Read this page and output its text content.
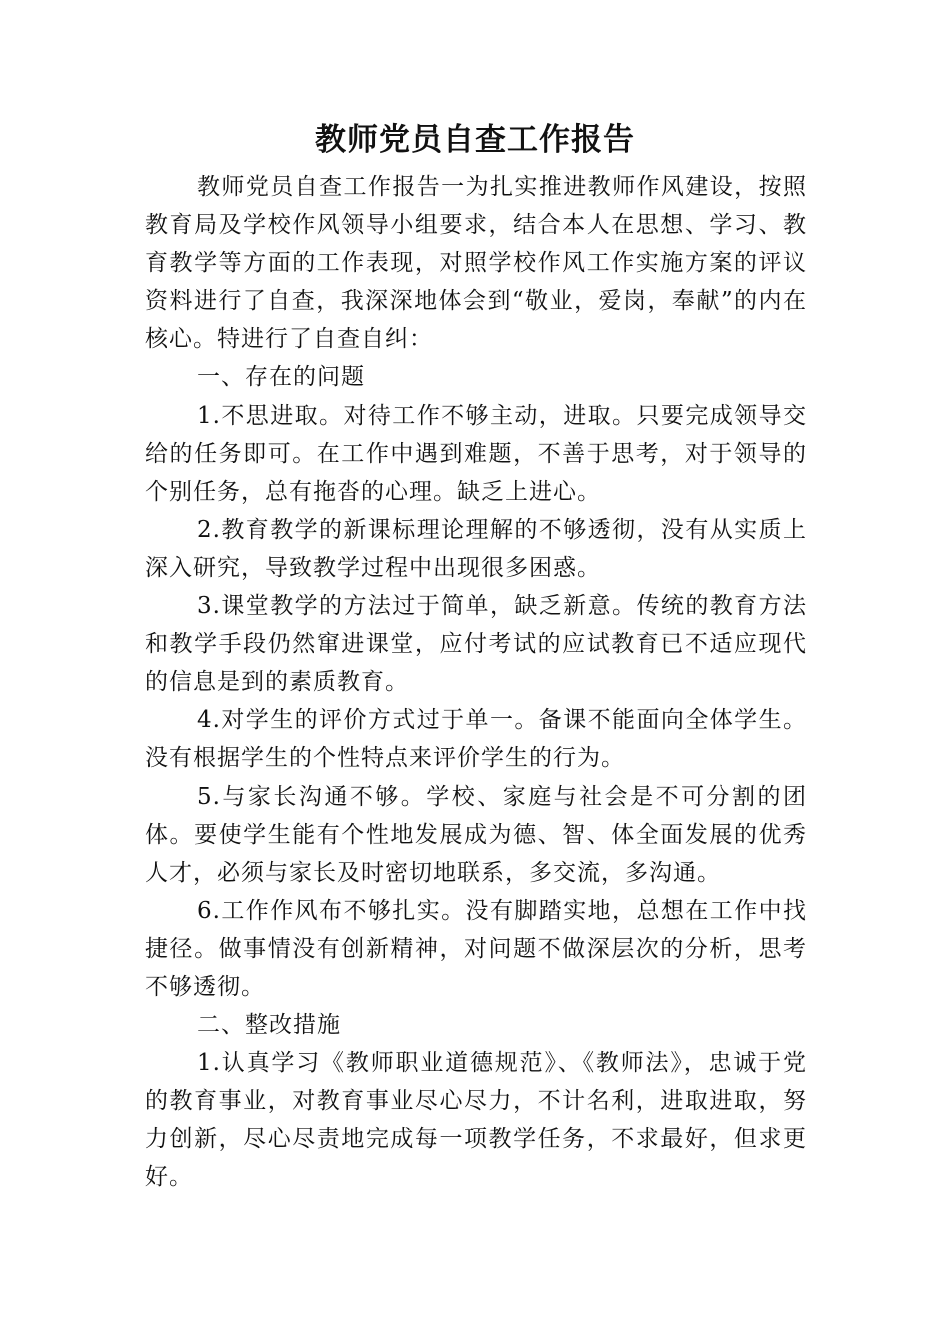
教师党员自查工作报告

教师党员自查工作报告一为扎实推进教师作风建设，按照教育局及学校作风领导小组要求，结合本人在思想、学习、教育教学等方面的工作表现，对照学校作风工作实施方案的评议资料进行了自查，我深深地体会到“敬业，爱岗，奉献”的内在核心。特进行了自查自纠：

一、存在的问题

1.不思进取。对待工作不够主动，进取。只要完成领导交给的任务即可。在工作中遇到难题，不善于思考，对于领导的个别任务，总有拖沓的心理。缺乏上进心。

2.教育教学的新课标理论理解的不够透彻，没有从实质上深入研究，导致教学过程中出现很多困惑。

3.课堂教学的方法过于简单，缺乏新意。传统的教育方法和教学手段仍然窜进课堂，应付考试的应试教育已不适应现代的信息是到的素质教育。

4.对学生的评价方式过于单一。备课不能面向全体学生。没有根据学生的个性特点来评价学生的行为。

5.与家长沟通不够。学校、家庭与社会是不可分割的团体。要使学生能有个性地发展成为德、智、体全面发展的优秀人才，必须与家长及时密切地联系，多交流，多沟通。

6.工作作风布不够扎实。没有脚踏实地，总想在工作中找捷径。做事情没有创新精神，对问题不做深层次的分析，思考不够透彻。

二、整改措施

1.认真学习《教师职业道德规范》、《教师法》，忠诚于党的教育事业，对教育事业尽心尽力，不计名利，进取进取，努力创新，尽心尽责地完成每一项教学任务，不求最好，但求更好。
